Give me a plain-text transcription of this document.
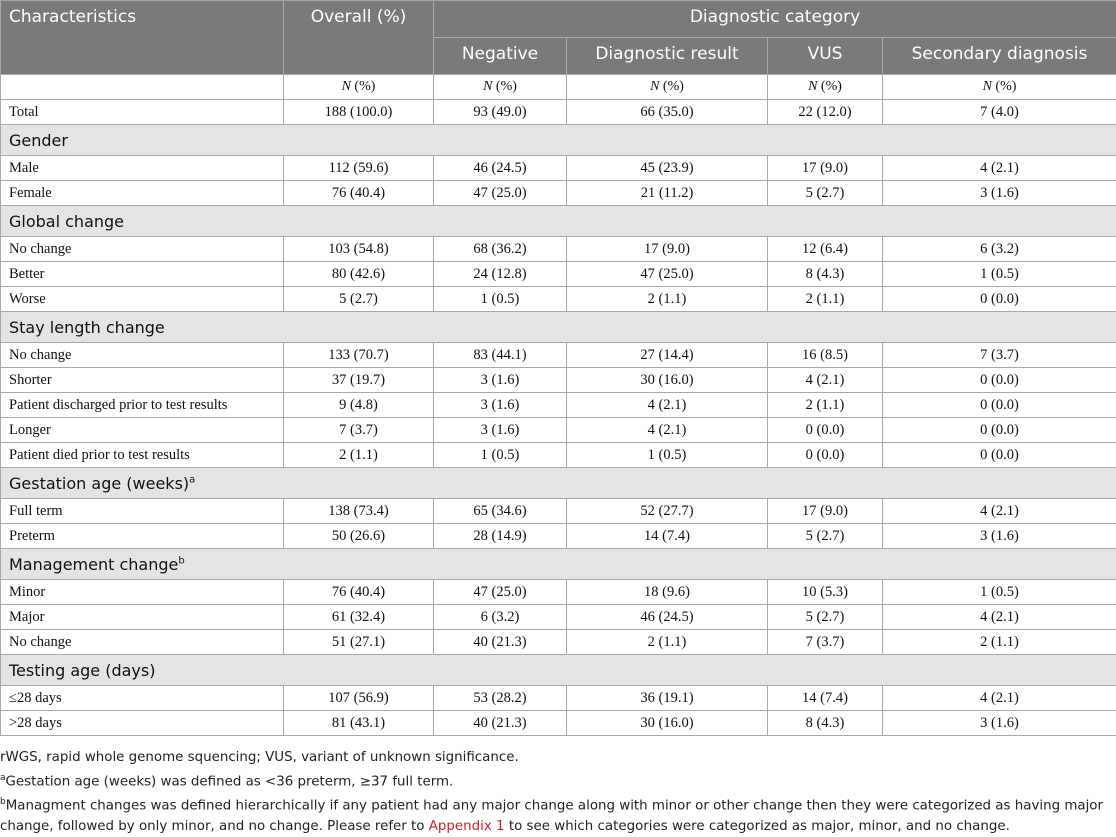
Characteristics	Overall (%)	Diagnostic category			
		Negative	Diagnostic result	VUS	Secondary diagnosis
	N (%)	N (%)	N (%)	N (%)	N (%)
Total	188 (100.0)	93 (49.0)	66 (35.0)	22 (12.0)	7 (4.0)
Gender					
Male	112 (59.6)	46 (24.5)	45 (23.9)	17 (9.0)	4 (2.1)
Female	76 (40.4)	47 (25.0)	21 (11.2)	5 (2.7)	3 (1.6)
Global change					
No change	103 (54.8)	68 (36.2)	17 (9.0)	12 (6.4)	6 (3.2)
Better	80 (42.6)	24 (12.8)	47 (25.0)	8 (4.3)	1 (0.5)
Worse	5 (2.7)	1 (0.5)	2 (1.1)	2 (1.1)	0 (0.0)
Stay length change					
No change	133 (70.7)	83 (44.1)	27 (14.4)	16 (8.5)	7 (3.7)
Shorter	37 (19.7)	3 (1.6)	30 (16.0)	4 (2.1)	0 (0.0)
Patient discharged prior to test results	9 (4.8)	3 (1.6)	4 (2.1)	2 (1.1)	0 (0.0)
Longer	7 (3.7)	3 (1.6)	4 (2.1)	0 (0.0)	0 (0.0)
Patient died prior to test results	2 (1.1)	1 (0.5)	1 (0.5)	0 (0.0)	0 (0.0)
Gestation age (weeks)$^a$
Full term	138 (73.4)	65 (34.6)	52 (27.7)	17 (9.0)	4 (2.1)
Preterm	50 (26.6)	28 (14.9)	14 (7.4)	5 (2.7)	3 (1.6)
Management change$^b$
Minor	76 (40.4)	47 (25.0)	18 (9.6)	10 (5.3)	1 (0.5)
Major	61 (32.4)	6 (3.2)	46 (24.5)	5 (2.7)	4 (2.1)
No change	51 (27.1)	40 (21.3)	2 (1.1)	7 (3.7)	2 (1.1)
Testing age (days)					
≤28 days	107 (56.9)	53 (28.2)	36 (19.1)	14 (7.4)	4 (2.1)
>28 days	81 (43.1)	40 (21.3)	30 (16.0)	8 (4.3)	3 (1.6)

rWGS, rapid whole genome squencing; VUS, variant of unknown significance.

$^a$Gestation age (weeks) was defined as <36 preterm, ≥37 full term.

$^b$Managment changes was defined hierarchically if any patient had any major change along with minor or other change then they were categorized as having major change, followed by only minor, and no change. Please refer to Appendix 1 to see which categories were categorized as major, minor, and no change.
